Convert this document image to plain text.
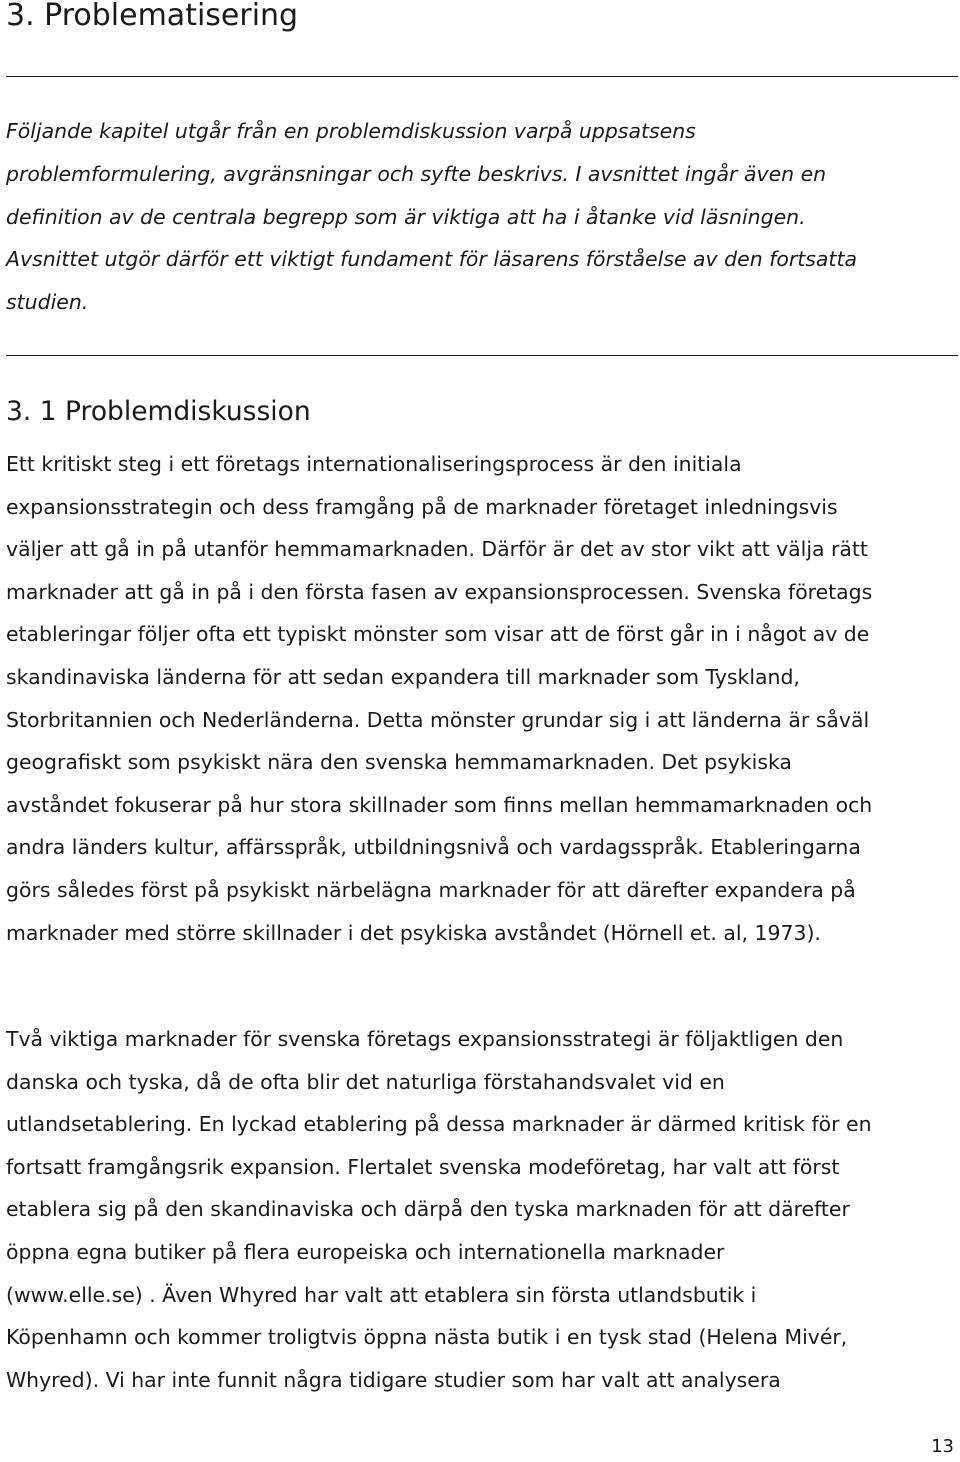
3. Problematisering
Följande kapitel utgår från en problemdiskussion varpå uppsatsens
problemformulering, avgränsningar och syfte beskrivs. I avsnittet ingår även en
definition av de centrala begrepp som är viktiga att ha i åtanke vid läsningen.
Avsnittet utgör därför ett viktigt fundament för läsarens förståelse av den fortsatta
studien.
3. 1 Problemdiskussion
Ett kritiskt steg i ett företags internationaliseringsprocess är den initiala
expansionsstrategin och dess framgång på de marknader företaget inledningsvis
väljer att gå in på utanför hemmamarknaden. Därför är det av stor vikt att välja rätt
marknader att gå in på i den första fasen av expansionsprocessen. Svenska företags
etableringar följer ofta ett typiskt mönster som visar att de först går in i något av de
skandinaviska länderna för att sedan expandera till marknader som Tyskland,
Storbritannien och Nederländerna. Detta mönster grundar sig i att länderna är såväl
geografiskt som psykiskt nära den svenska hemmamarknaden. Det psykiska
avståndet fokuserar på hur stora skillnader som finns mellan hemmamarknaden och
andra länders kultur, affärsspråk, utbildningsnivå och vardagsspråk. Etableringarna
görs således först på psykiskt närbelägna marknader för att därefter expandera på
marknader med större skillnader i det psykiska avståndet (Hörnell et. al, 1973).
Två viktiga marknader för svenska företags expansionsstrategi är följaktligen den
danska och tyska, då de ofta blir det naturliga förstahandsvalet vid en
utlandsetablering. En lyckad etablering på dessa marknader är därmed kritisk för en
fortsatt framgångsrik expansion. Flertalet svenska modeföretag, har valt att först
etablera sig på den skandinaviska och därpå den tyska marknaden för att därefter
öppna egna butiker på flera europeiska och internationella marknader
(www.elle.se) . Även Whyred har valt att etablera sin första utlandsbutik i
Köpenhamn och kommer troligtvis öppna nästa butik i en tysk stad (Helena Mivér,
Whyred). Vi har inte funnit några tidigare studier som har valt att analysera
13
